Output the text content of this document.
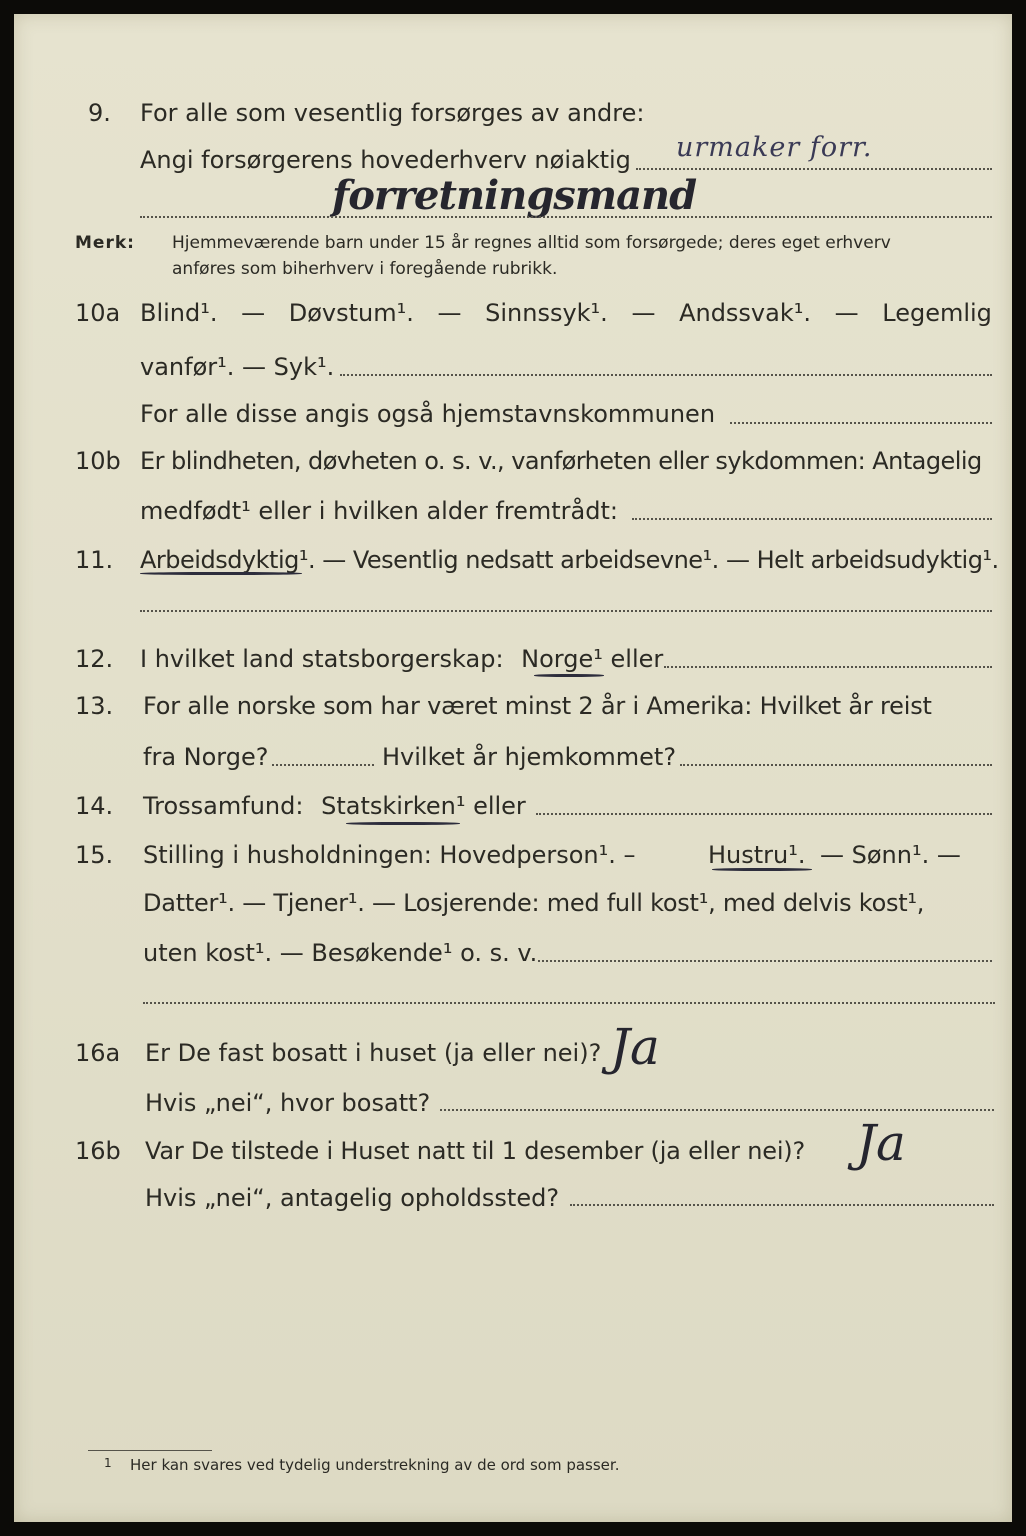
9. For alle som vesentlig forsørges av andre:
Angi forsørgerens hovederhverv nøiaktig urmaker forr.
forretningsmand
Merk: Hjemmeværende barn under 15 år regnes alltid som forsørgede; deres eget erhverv
anføres som biherhverv i foregående rubrikk.
10a Blind¹. — Døvstum¹. — Sinnssyk¹. — Andssvak¹. — Legemlig
vanfør¹. — Syk¹.
For alle disse angis også hjemstavnskommunen
10b Er blindheten, døvheten o. s. v., vanførheten eller sykdommen: Antagelig
medfødt¹ eller i hvilken alder fremtrådt:
11. Arbeidsdyktig¹. — Vesentlig nedsatt arbeidsevne¹. — Helt arbeidsudyktig¹.
12. I hvilket land statsborgerskap: Norge¹ eller
13. For alle norske som har været minst 2 år i Amerika: Hvilket år reist
fra Norge?	Hvilket år hjemkommet?
14. Trossamfund: Statskirken¹ eller
15. Stilling i husholdningen: Hovedperson¹. –	Hustru¹. — Sønn¹. —
Datter¹. — Tjener¹. — Losjerende: med full kost¹, med delvis kost¹,
uten kost¹. — Besøkende¹ o. s. v.
16a Er De fast bosatt i huset (ja eller nei)? Ja
Hvis „nei“, hvor bosatt?
16b Var De tilstede i Huset natt til 1 desember (ja eller nei)? Ja
Hvis „nei“, antagelig opholdssted?
1 Her kan svares ved tydelig understrekning av de ord som passer.
